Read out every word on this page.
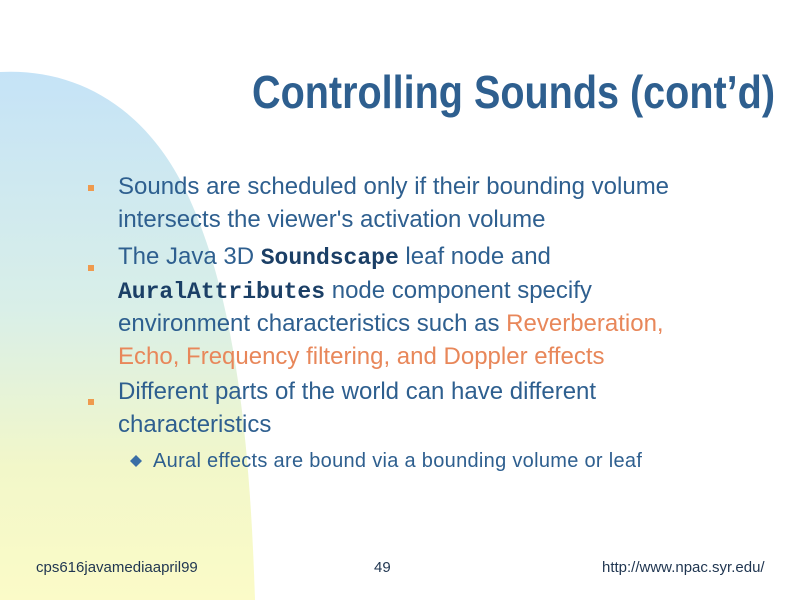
Controlling Sounds (cont’d)
Sounds are scheduled only if their bounding volume
intersects the viewer's activation volume
The Java 3D Soundscape leaf node and
AuralAttributes node component specify
environment characteristics such as Reverberation,
Echo, Frequency filtering, and Doppler effects
Different parts of the world can have different
characteristics
Aural effects are bound via a bounding volume or leaf
cps616javamediaapril99	49	http://www.npac.syr.edu/
